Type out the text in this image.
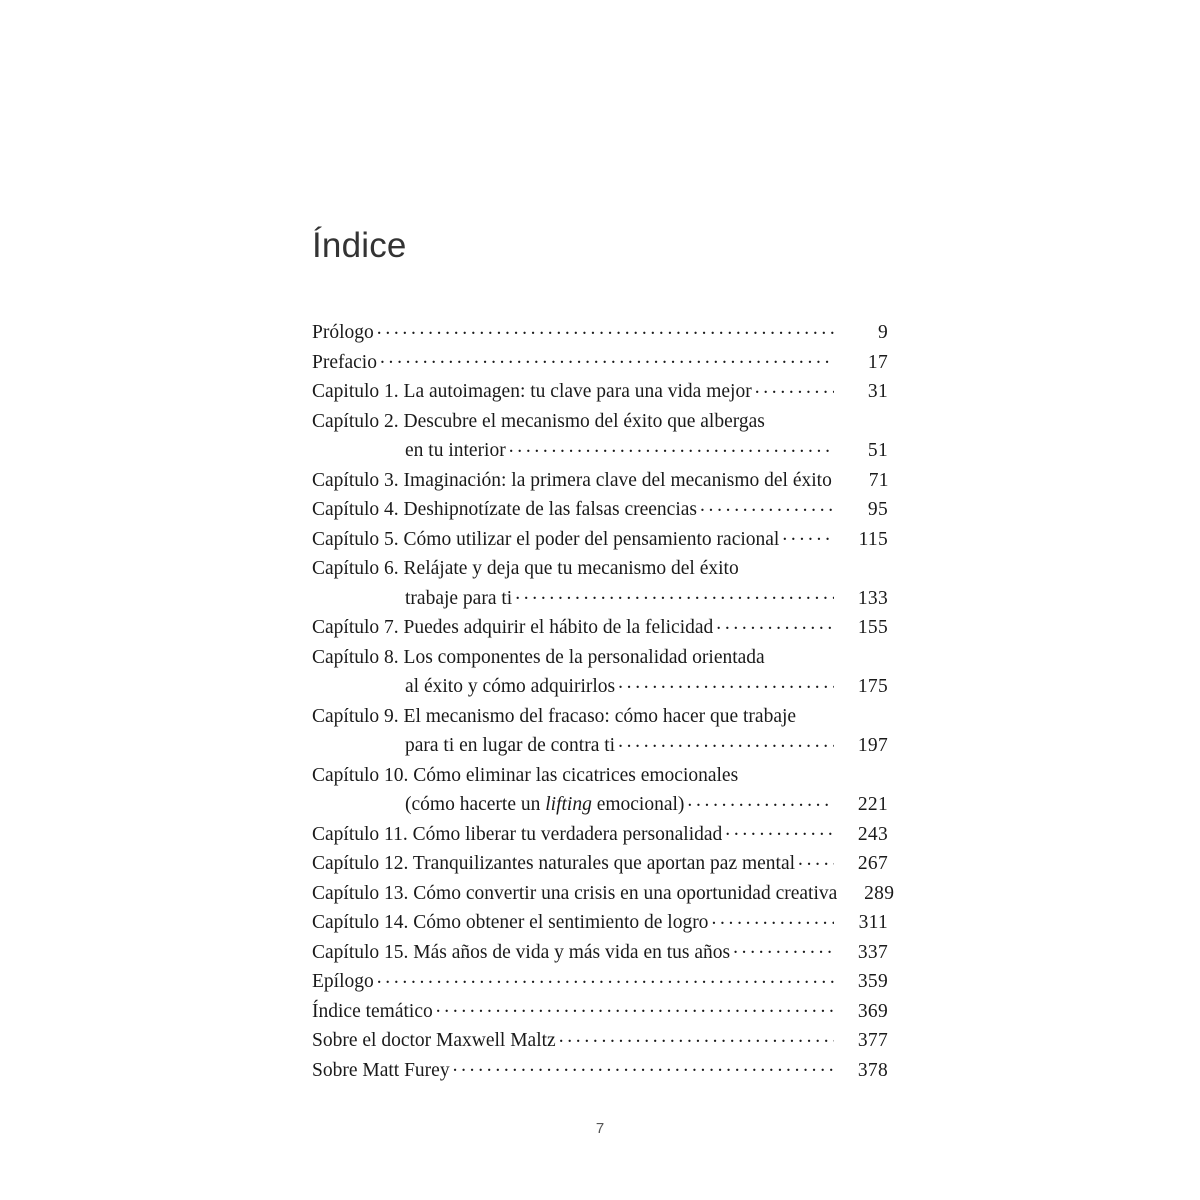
Índice
Prólogo . . .	9
Prefacio . . .	17
Capitulo 1. La autoimagen: tu clave para una vida mejor . . .	31
Capítulo 2. Descubre el mecanismo del éxito que albergas
en tu interior . . .	51
Capítulo 3. Imaginación: la primera clave del mecanismo del éxito	71
Capítulo 4. Deshipnotízate de las falsas creencias . . .	95
Capítulo 5. Cómo utilizar el poder del pensamiento racional . . .	115
Capítulo 6. Relájate y deja que tu mecanismo del éxito
trabaje para ti . . .	133
Capítulo 7. Puedes adquirir el hábito de la felicidad . . .	155
Capítulo 8. Los componentes de la personalidad orientada
al éxito y cómo adquirirlos . . .	175
Capítulo 9. El mecanismo del fracaso: cómo hacer que trabaje
para ti en lugar de contra ti . . .	197
Capítulo 10. Cómo eliminar las cicatrices emocionales
(cómo hacerte un lifting emocional) . . .	221
Capítulo 11. Cómo liberar tu verdadera personalidad . . .	243
Capítulo 12. Tranquilizantes naturales que aportan paz mental . . .	267
Capítulo 13. Cómo convertir una crisis en una oportunidad creativa	289
Capítulo 14. Cómo obtener el sentimiento de logro . . .	311
Capítulo 15. Más años de vida y más vida en tus años . . .	337
Epílogo . . .	359
Índice temático . . .	369
Sobre el doctor Maxwell Maltz . . .	377
Sobre Matt Furey . . .	378
7
